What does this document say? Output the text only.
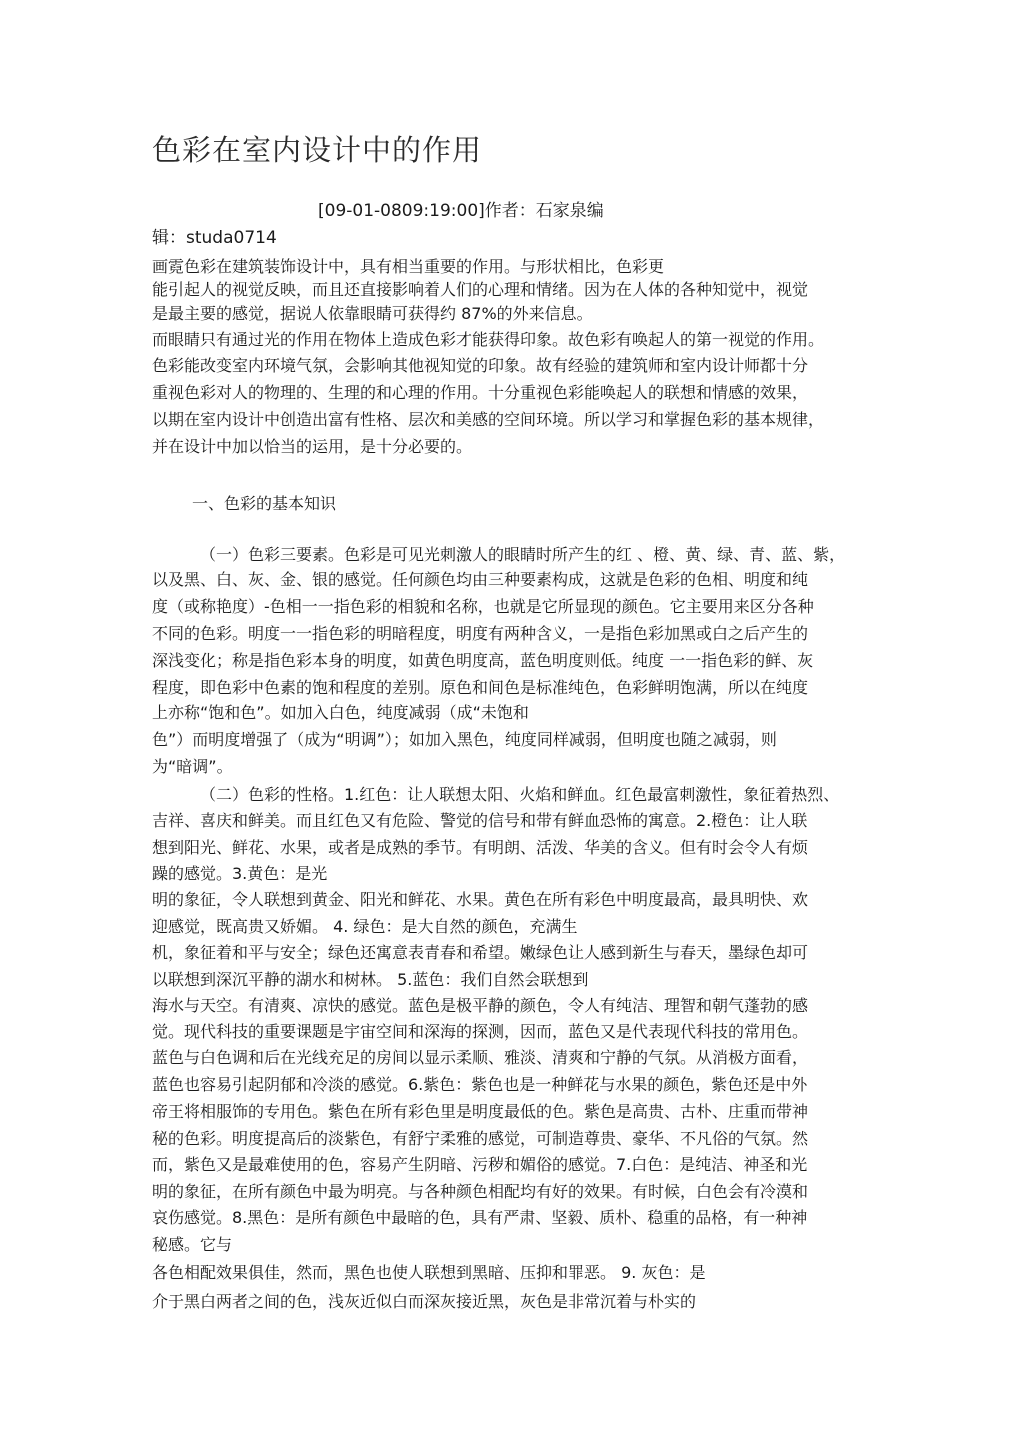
色彩在室内设计中的作用
[09-01-0809:19:00]作者：石家泉编
辑：studa0714
画霓色彩在建筑装饰设计中，具有相当重要的作用。与形状相比，色彩更
能引起人的视觉反映，而且还直接影响着人们的心理和情绪。因为在人体的各种知觉中，视觉
是最主要的感觉，据说人依靠眼睛可获得约 87%的外来信息。
而眼睛只有通过光的作用在物体上造成色彩才能获得印象。故色彩有唤起人的第一视觉的作用。
色彩能改变室内环境气氛，会影响其他视知觉的印象。故有经验的建筑师和室内设计师都十分
重视色彩对人的物理的、生理的和心理的作用。十分重视色彩能唤起人的联想和情感的效果，
以期在室内设计中创造出富有性格、层次和美感的空间环境。所以学习和掌握色彩的基本规律，
并在设计中加以恰当的运用，是十分必要的。
一、色彩的基本知识
（一）色彩三要素。色彩是可见光刺激人的眼睛时所产生的红 、橙、黄、绿、青、蓝、紫，
以及黑、白、灰、金、银的感觉。任何颜色均由三种要素构成，这就是色彩的色相、明度和纯
度（或称艳度）-色相一一指色彩的相貌和名称，也就是它所显现的颜色。它主要用来区分各种
不同的色彩。明度一一指色彩的明暗程度，明度有两种含义，一是指色彩加黑或白之后产生的
深浅变化；称是指色彩本身的明度，如黄色明度高，蓝色明度则低。纯度 一一指色彩的鲜、灰
程度，即色彩中色素的饱和程度的差别。原色和间色是标准纯色，色彩鲜明饱满，所以在纯度
上亦称“饱和色”。如加入白色，纯度减弱（成“未饱和
色”）而明度增强了（成为“明调”）；如加入黑色，纯度同样减弱，但明度也随之减弱，则
为“暗调”。
（二）色彩的性格。1.红色：让人联想太阳、火焰和鲜血。红色最富刺激性，象征着热烈、
吉祥、喜庆和鲜美。而且红色又有危险、警觉的信号和带有鲜血恐怖的寓意。2.橙色：让人联
想到阳光、鲜花、水果，或者是成熟的季节。有明朗、活泼、华美的含义。但有时会令人有烦
躁的感觉。3.黄色：是光
明的象征，令人联想到黄金、阳光和鲜花、水果。黄色在所有彩色中明度最高，最具明快、欢
迎感觉，既高贵又娇媚。 4. 绿色：是大自然的颜色，充满生
机，象征着和平与安全；绿色还寓意表青春和希望。嫩绿色让人感到新生与春天，墨绿色却可
以联想到深沉平静的湖水和树林。 5.蓝色：我们自然会联想到
海水与天空。有清爽、凉快的感觉。蓝色是极平静的颜色，令人有纯洁、理智和朝气蓬勃的感
觉。现代科技的重要课题是宇宙空间和深海的探测，因而，蓝色又是代表现代科技的常用色。
蓝色与白色调和后在光线充足的房间以显示柔顺、雅淡、清爽和宁静的气氛。从消极方面看，
蓝色也容易引起阴郁和冷淡的感觉。6.紫色：紫色也是一种鲜花与水果的颜色，紫色还是中外
帝王将相服饰的专用色。紫色在所有彩色里是明度最低的色。紫色是高贵、古朴、庄重而带神
秘的色彩。明度提高后的淡紫色，有舒宁柔雅的感觉，可制造尊贵、豪华、不凡俗的气氛。然
而，紫色又是最难使用的色，容易产生阴暗、污秽和媚俗的感觉。7.白色：是纯洁、神圣和光
明的象征，在所有颜色中最为明亮。与各种颜色相配均有好的效果。有时候，白色会有冷漠和
哀伤感觉。8.黑色：是所有颜色中最暗的色，具有严肃、坚毅、质朴、稳重的品格，有一种神
秘感。它与
各色相配效果俱佳，然而，黑色也使人联想到黑暗、压抑和罪恶。 9. 灰色：是
介于黑白两者之间的色，浅灰近似白而深灰接近黑，灰色是非常沉着与朴实的
